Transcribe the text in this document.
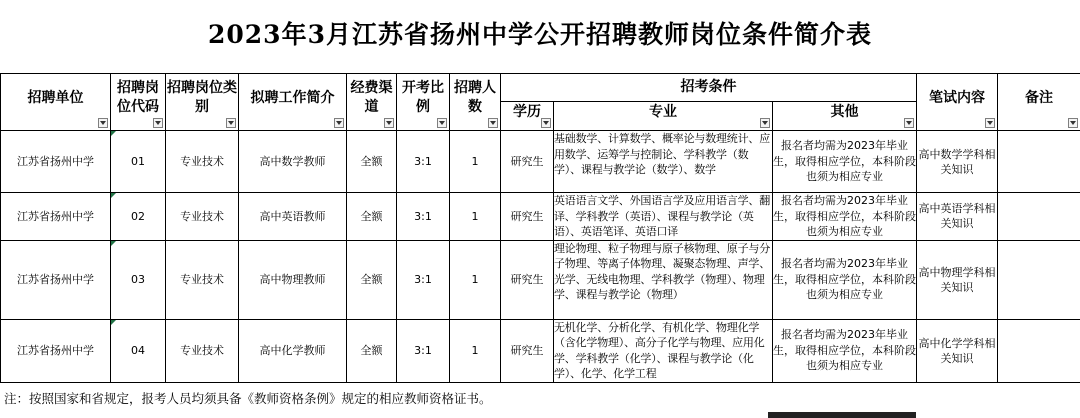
2023年3月江苏省扬州中学公开招聘教师岗位条件简介表
招聘单位	招聘岗位代码	招聘岗位类别	拟聘工作简介	经费渠道	开考比例	招聘人数	招考条件			笔试内容	备注

							学历	专业	其他		

江苏省扬州中学	01	专业技术	高中数学教师	全额	3:1	1	研究生	基础数学、计算数学、概率论与数理统计、应用数学、运筹学与控制论、学科教学（数学）、课程与教学论（数学）、数学	报名者均需为2023年毕业生，取得相应学位，本科阶段也须为相应专业	高中数学学科相关知识	
江苏省扬州中学	02	专业技术	高中英语教师	全额	3:1	1	研究生	英语语言文学、外国语言学及应用语言学、翻译、学科教学（英语）、课程与教学论（英语）、英语笔译、英语口译	报名者均需为2023年毕业生，取得相应学位，本科阶段也须为相应专业	高中英语学科相关知识	
江苏省扬州中学	03	专业技术	高中物理教师	全额	3:1	1	研究生	理论物理、粒子物理与原子核物理、原子与分子物理、等离子体物理、凝聚态物理、声学、光学、无线电物理、学科教学（物理）、物理学、课程与教学论（物理）	报名者均需为2023年毕业生，取得相应学位，本科阶段也须为相应专业	高中物理学科相关知识	
江苏省扬州中学	04	专业技术	高中化学教师	全额	3:1	1	研究生	无机化学、分析化学、有机化学、物理化学（含化学物理）、高分子化学与物理、应用化学、学科教学（化学）、课程与教学论（化学）、化学、化学工程	报名者均需为2023年毕业生，取得相应学位，本科阶段也须为相应专业	高中化学学科相关知识	
注：按照国家和省规定，报考人员均须具备《教师资格条例》规定的相应教师资格证书。
